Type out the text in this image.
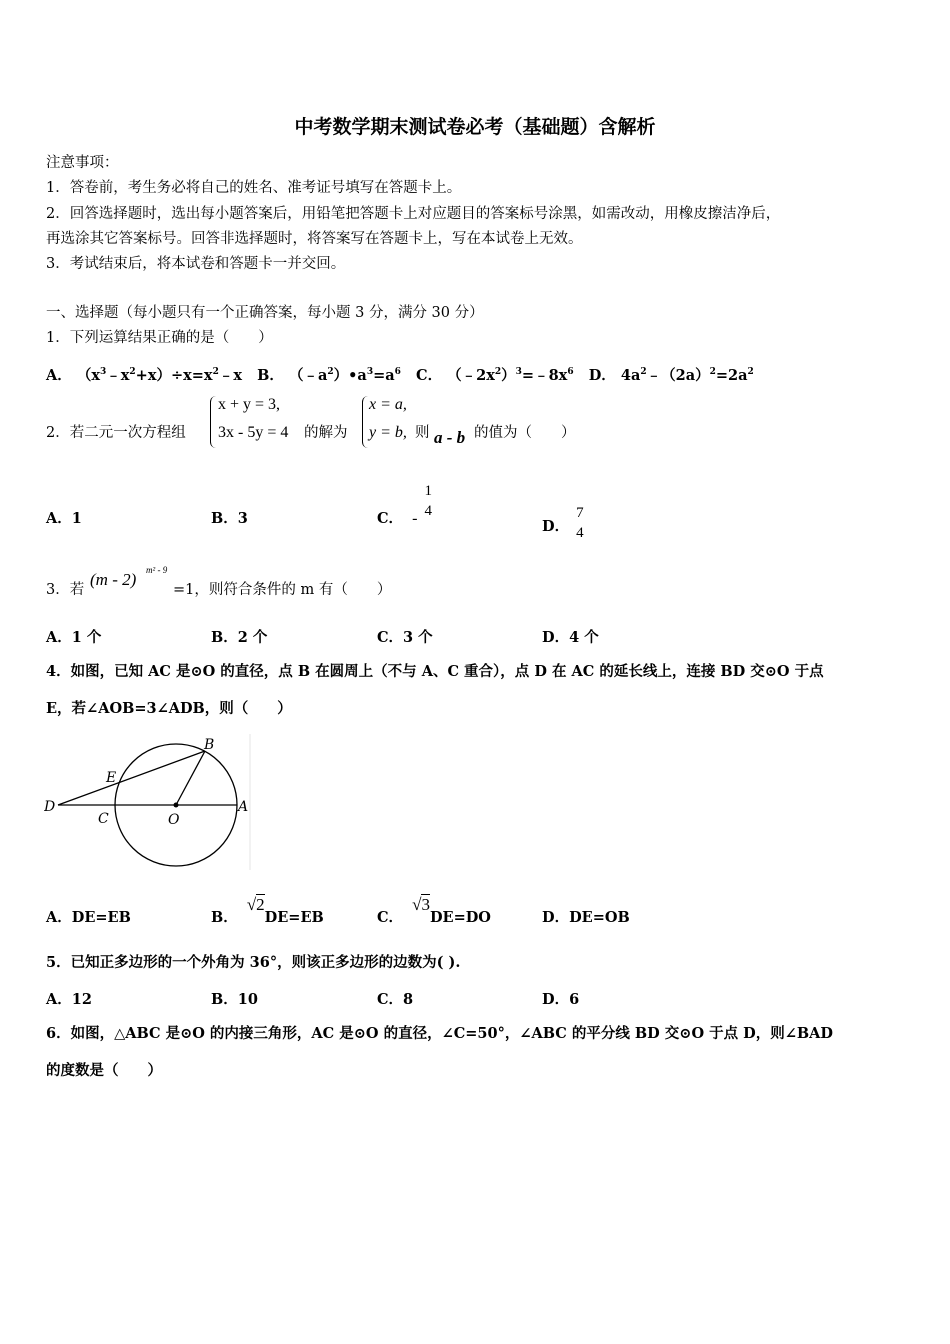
中考数学期末测试卷必考（基础题）含解析
注意事项：
1．答卷前，考生务必将自己的姓名、准考证号填写在答题卡上。
2．回答选择题时，选出每小题答案后，用铅笔把答题卡上对应题目的答案标号涂黑，如需改动，用橡皮擦洁净后，
再选涂其它答案标号。回答非选择题时，将答案写在答题卡上，写在本试卷上无效。
3．考试结束后，将本试卷和答题卡一并交回。
一、选择题（每小题只有一个正确答案，每小题 3 分，满分 30 分）
1．下列运算结果正确的是（　　）
A． $(x^3﹣x^2+x)\div x=x^2﹣x$ B． $(﹣a^2)•a^3=a^6$ C． $(﹣2x^2)^3=﹣8x^6$ D． $4a^2﹣(2a)^2=2a^2$
2．若二元一次方程组
x + y = 3,
3x - 5y = 4 的解为
x = a,
y = b, 则 a - b 的值为（　　）
A．1	B．3	C． -
1
4
D．
7
4
3．若
(m - 2) m² - 9
=1，则符合条件的 m 有（　　）
A．1 个	B．2 个	C．3 个	D．4 个
4．如图，已知 AC 是⊙O 的直径，点 B 在圆周上（不与 A、C 重合），点 D 在 AC 的延长线上，连接 BD 交⊙O 于点
E，若∠AOB=3∠ADB，则（　　）
B
E
D
C	O
A
A．DE=EB	B． √2DE=EB	C． √3DE=DO	D．DE=OB
5．已知正多边形的一个外角为 36°，则该正多边形的边数为( ).
A．12	B．10	C．8	D．6
6．如图，△ABC 是⊙O 的内接三角形，AC 是⊙O 的直径，∠C=50°，∠ABC 的平分线 BD 交⊙O 于点 D，则∠BAD
的度数是（　　）
